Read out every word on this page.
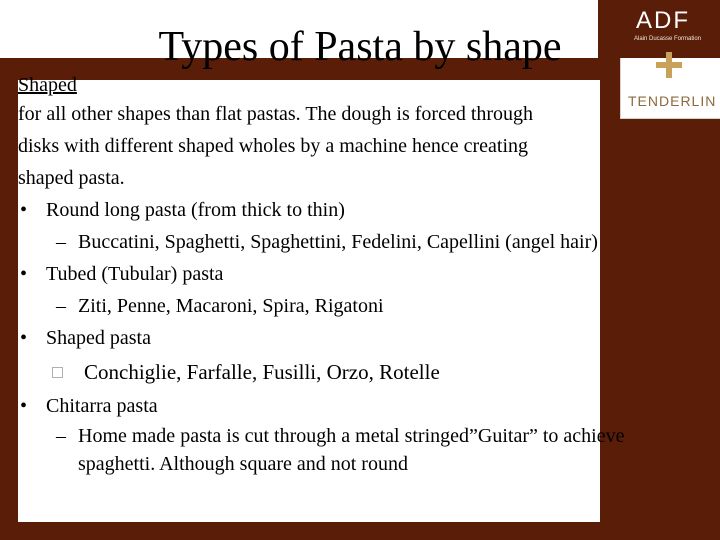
Types of Pasta by shape
ADF
Alain Ducasse Formation
TENDERLIN

Shaped

for all other shapes than flat pastas. The dough is forced through

disks with different shaped wholes by a machine hence creating

shaped pasta.

• Round long pasta (from thick to thin)
– Buccatini, Spaghetti, Spaghettini, Fedelini, Capellini (angel hair)
• Tubed (Tubular) pasta
– Ziti, Penne, Macaroni, Spira, Rigatoni
• Shaped pasta
Conchiglie, Farfalle, Fusilli, Orzo, Rotelle
• Chitarra pasta
– Home made pasta is cut through a metal stringed”Guitar” to achieve
spaghetti. Although square and not round
